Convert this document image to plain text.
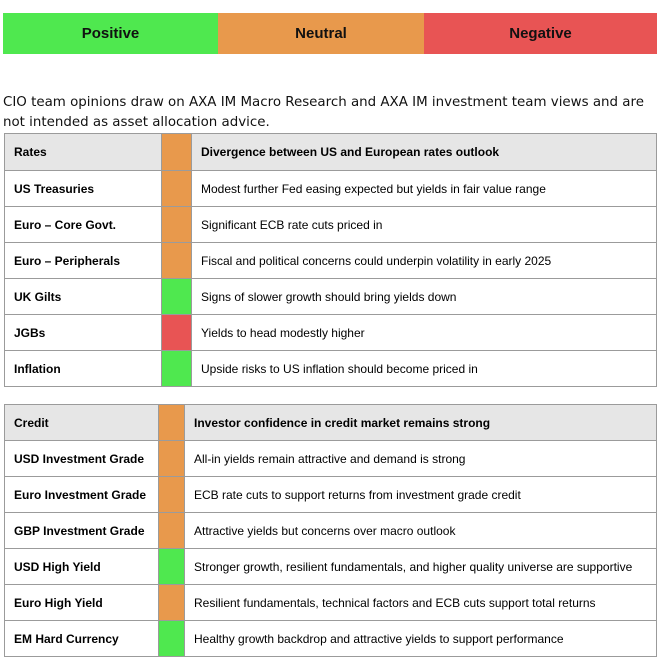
Positive	Neutral	Negative
CIO team opinions draw on AXA IM Macro Research and AXA IM investment team views and are not intended as asset allocation advice.
Rates		Divergence between US and European rates outlook
US Treasuries		Modest further Fed easing expected but yields in fair value range
Euro – Core Govt.		Significant ECB rate cuts priced in
Euro – Peripherals		Fiscal and political concerns could underpin volatility in early 2025
UK Gilts		Signs of slower growth should bring yields down
JGBs		Yields to head modestly higher
Inflation		Upside risks to US inflation should become priced in
Credit		Investor confidence in credit market remains strong
USD Investment Grade		All-in yields remain attractive and demand is strong
Euro Investment Grade		ECB rate cuts to support returns from investment grade credit
GBP Investment Grade		Attractive yields but concerns over macro outlook
USD High Yield		Stronger growth, resilient fundamentals, and higher quality universe are supportive
Euro High Yield		Resilient fundamentals, technical factors and ECB cuts support total returns
EM Hard Currency		Healthy growth backdrop and attractive yields to support performance
